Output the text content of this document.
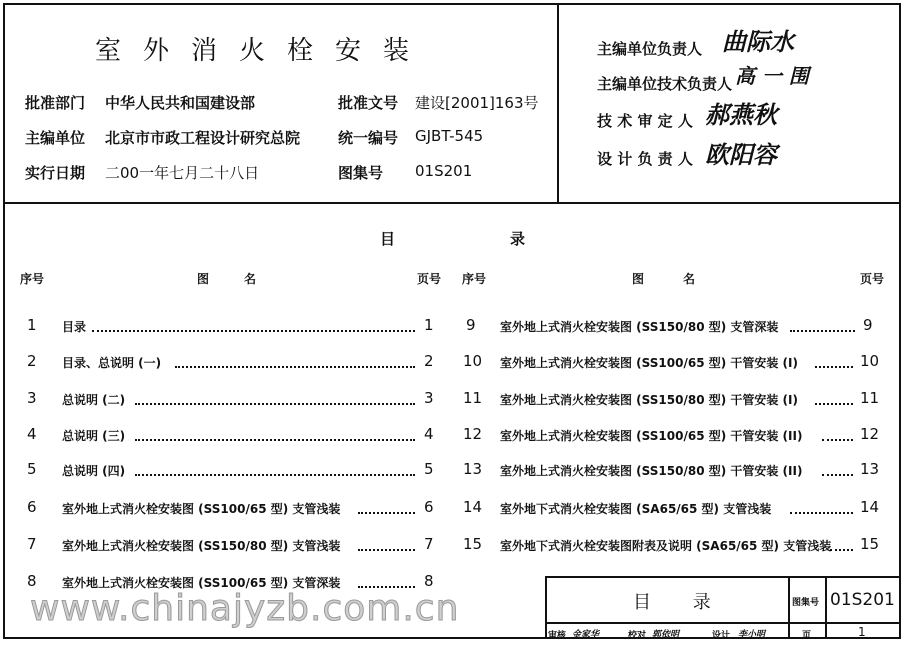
室外消火栓安装
批准部门 中华人民共和国建设部	批准文号 建设[2001]163号
主编单位 北京市市政工程设计研究总院	统一编号 GJBT-545
实行日期 二00一年七月二十八日	图集号 01S201
主编单位负责人 曲际水
主编单位技术负责人 高 一 围
技 术 审 定 人 郝燕秋
设 计 负 责 人 欧阳容
目	录
序号	图	名	页号 序号	图	名	页号
1 目录	1
2 目录、总说明 (一)	2
3 总说明 (二)	3
4 总说明 (三)	4
5 总说明 (四)	5
6 室外地上式消火栓安装图 (SS100/65 型) 支管浅装	6
7 室外地上式消火栓安装图 (SS150/80 型) 支管浅装	7
8 室外地上式消火栓安装图 (SS100/65 型) 支管深装	8
9 室外地上式消火栓安装图 (SS150/80 型) 支管深装	9
10 室外地上式消火栓安装图 (SS100/65 型) 干管安装 (I)	10
11 室外地上式消火栓安装图 (SS150/80 型) 干管安装 (I)	11
12 室外地上式消火栓安装图 (SS100/65 型) 干管安装 (II)	12
13 室外地上式消火栓安装图 (SS150/80 型) 干管安装 (II)	13
14 室外地下式消火栓安装图 (SA65/65 型) 支管浅装	14
15 室外地下式消火栓安装图附表及说明 (SA65/65 型) 支管浅装 15
目 录	图集号 01S201
审核 金家华	校对 郭依明	设计 李小明	页	1
www.chinajyzb.com.cn
